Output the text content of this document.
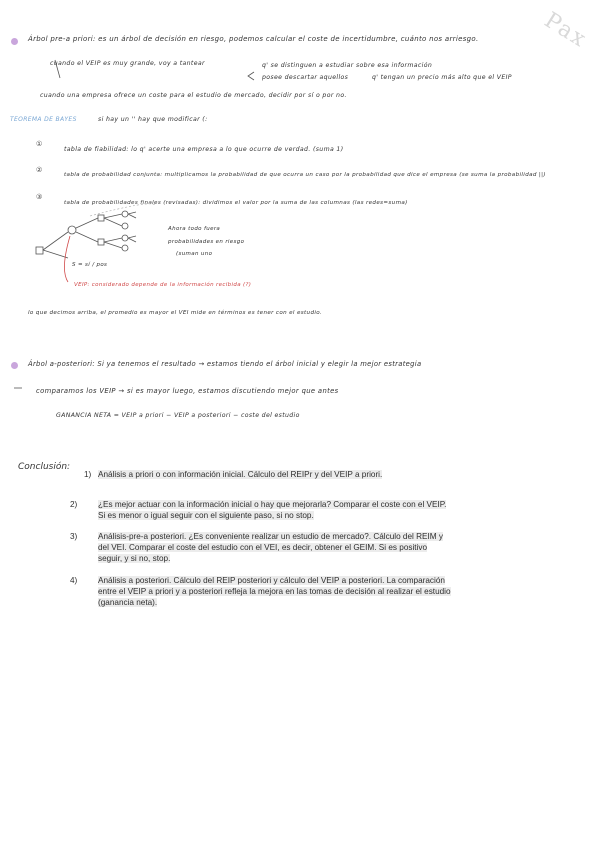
Pax
Árbol pre-a priori: es un árbol de decisión en riesgo, podemos calcular el coste de incertidumbre, cuánto nos arriesgo.
cuando el VEIP es muy grande, voy a tantear	q' se distinguen a estudiar sobre esa información
posee descartar aquellos	q' tengan un precio más alto que el VEIP
cuando una empresa ofrece un coste para el estudio de mercado, decidir por sí o por no.
TEOREMA DE BAYES	si hay un '' hay que modificar (:
①
tabla de fiabilidad: lo q' acerte una empresa a lo que ocurre de verdad. (suma 1)
②
tabla de probabilidad conjunta: multiplicamos la probabilidad de que ocurra un caso por la probabilidad que dice el empresa (se suma la probabilidad ||)
③
tabla de probabilidades finales (revisadas): dividimos el valor por la suma de las columnas (las redes=suma)
Ahora todo fuera
probabilidades en riesgo
(suman uno
S = sí / pos
VEIP: considerado depende de la información recibida (?)
lo que decimos arriba, el promedio es mayor el VEI mide en términos es tener con el estudio.
Árbol a-posteriori: Si ya tenemos el resultado → estamos tiendo el árbol inicial y elegir la mejor estrategia
comparamos los VEIP → si es mayor luego, estamos discutiendo mejor que antes
GANANCIA NETA = VEIP a priori − VEIP a posteriori − coste del estudio
Conclusión:
1) Análisis a priori o con información inicial. Cálculo del REIPr y del VEIP a priori.
2)	¿Es mejor actuar con la información inicial o hay que mejorarla? Comparar el coste con el VEIP. Si es menor o igual seguir con el siguiente paso, si no stop.
3)	Análisis-pre-a posteriori. ¿Es conveniente realizar un estudio de mercado?. Cálculo del REIM y del VEI. Comparar el coste del estudio con el VEI, es decir, obtener el GEIM. Si es positivo seguir, y si no, stop.
4)	Análisis a posteriori. Cálculo del REIP posteriori y cálculo del VEIP a posteriori. La comparación entre el VEIP a priori y a posteriori refleja la mejora en las tomas de decisión al realizar el estudio (ganancia neta).
